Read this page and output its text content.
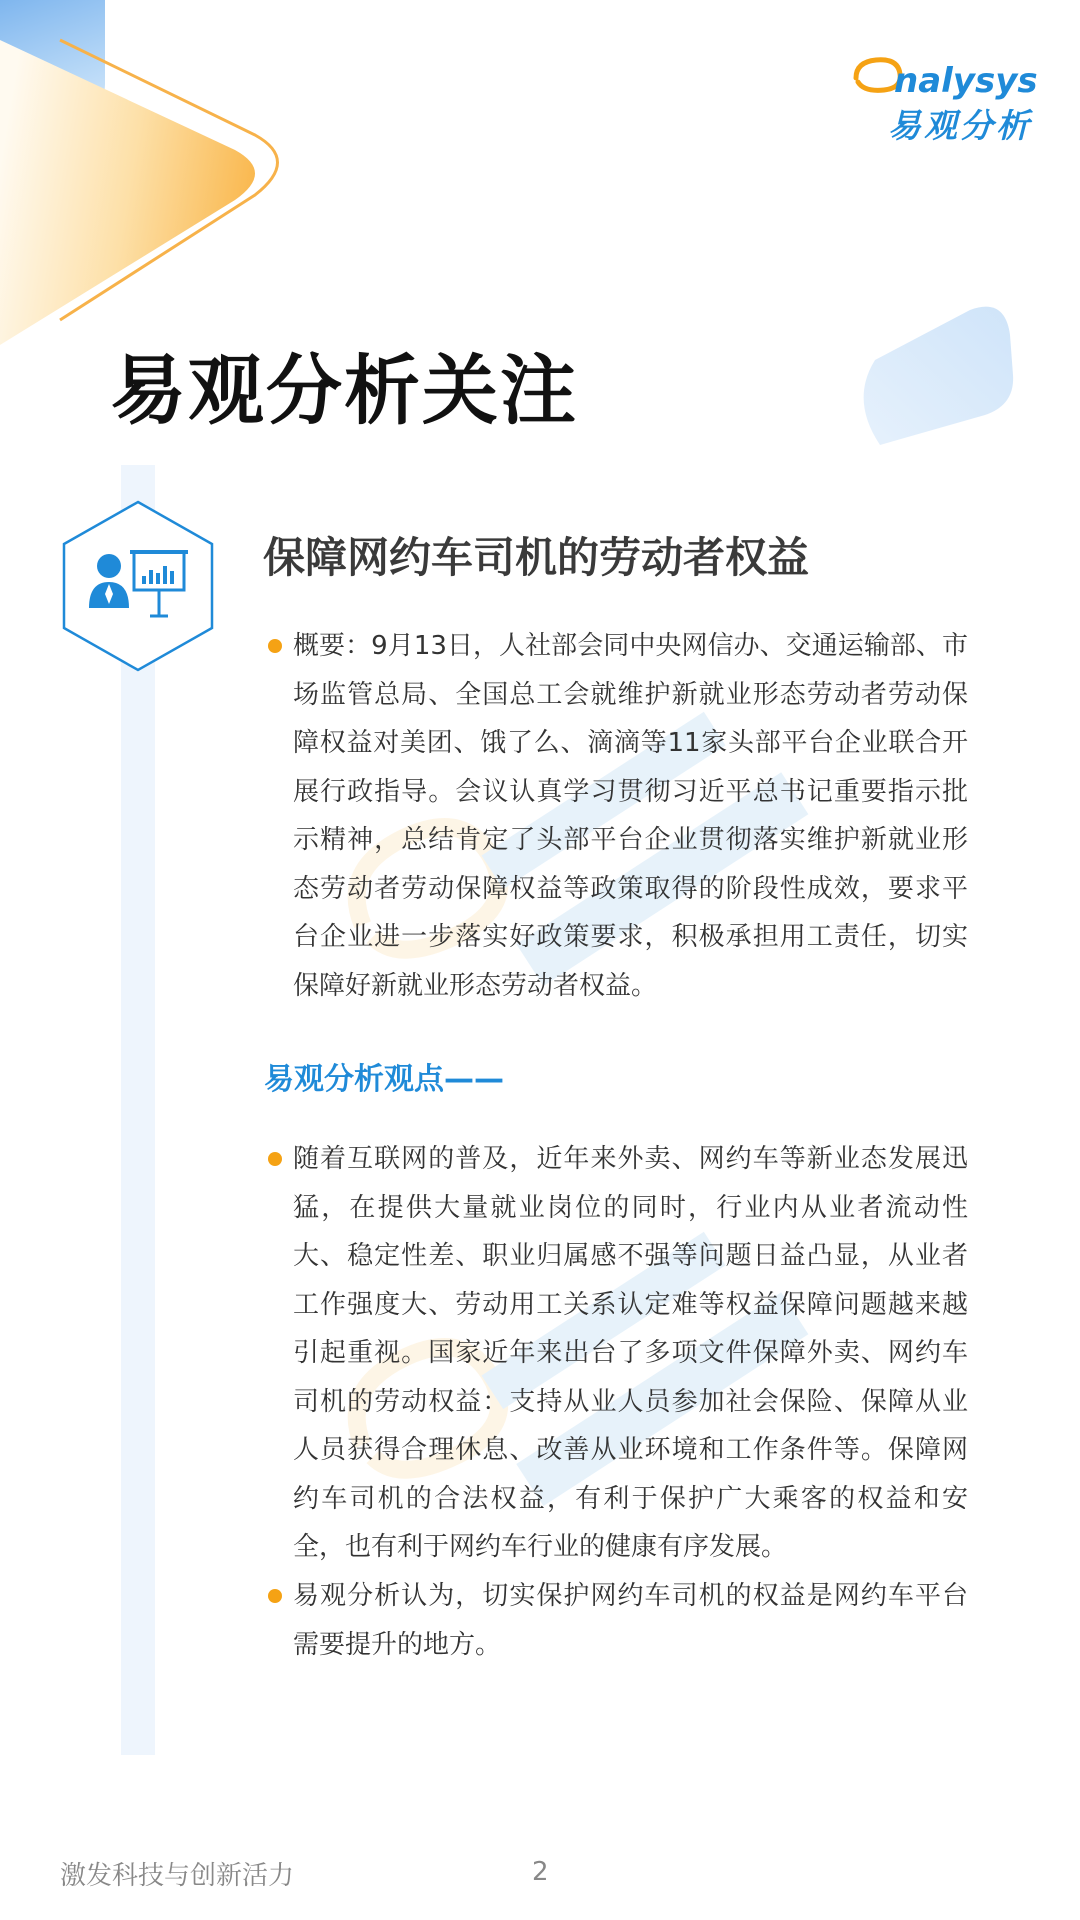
nalysys
易观分析
易观分析关注
保障网约车司机的劳动者权益
概要：9月13日，人社部会同中央网信办、交通运输部、市场监管总局、全国总工会就维护新就业形态劳动者劳动保障权益对美团、饿了么、滴滴等11家头部平台企业联合开展行政指导。会议认真学习贯彻习近平总书记重要指示批示精神，总结肯定了头部平台企业贯彻落实维护新就业形态劳动者劳动保障权益等政策取得的阶段性成效，要求平台企业进一步落实好政策要求，积极承担用工责任，切实保障好新就业形态劳动者权益。
易观分析观点——
随着互联网的普及，近年来外卖、网约车等新业态发展迅猛，在提供大量就业岗位的同时，行业内从业者流动性大、稳定性差、职业归属感不强等问题日益凸显，从业者工作强度大、劳动用工关系认定难等权益保障问题越来越引起重视。国家近年来出台了多项文件保障外卖、网约车司机的劳动权益：支持从业人员参加社会保险、保障从业人员获得合理休息、改善从业环境和工作条件等。保障网约车司机的合法权益，有利于保护广大乘客的权益和安全，也有利于网约车行业的健康有序发展。
易观分析认为，切实保护网约车司机的权益是网约车平台需要提升的地方。
激发科技与创新活力	2
